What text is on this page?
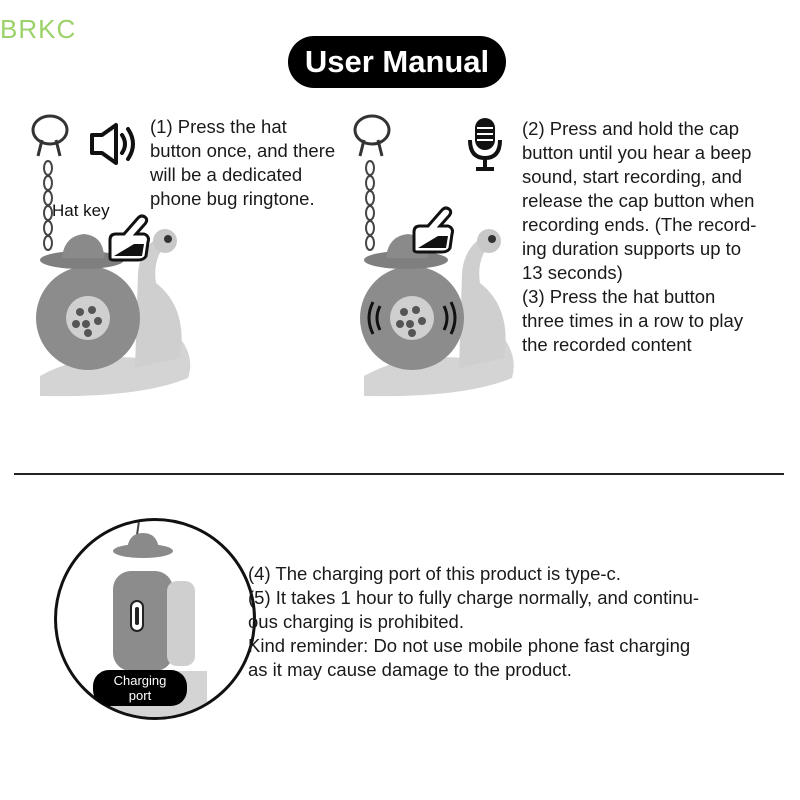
BRKC
User Manual
Hat key
(1) Press the hat
button once, and there
will be a dedicated
phone bug ringtone.
(2) Press and hold the cap
button until you hear a beep
sound, start recording, and
release the cap button when
recording ends. (The record-
ing duration supports up to
13 seconds)
(3) Press the hat button
three times in a row to play
the recorded content
Charging
port
(4) The charging port of this product is type-c.
(5) It takes 1 hour to fully charge normally, and continu-
ous charging is prohibited.
Kind reminder: Do not use mobile phone fast charging
as it may cause damage to the product.
